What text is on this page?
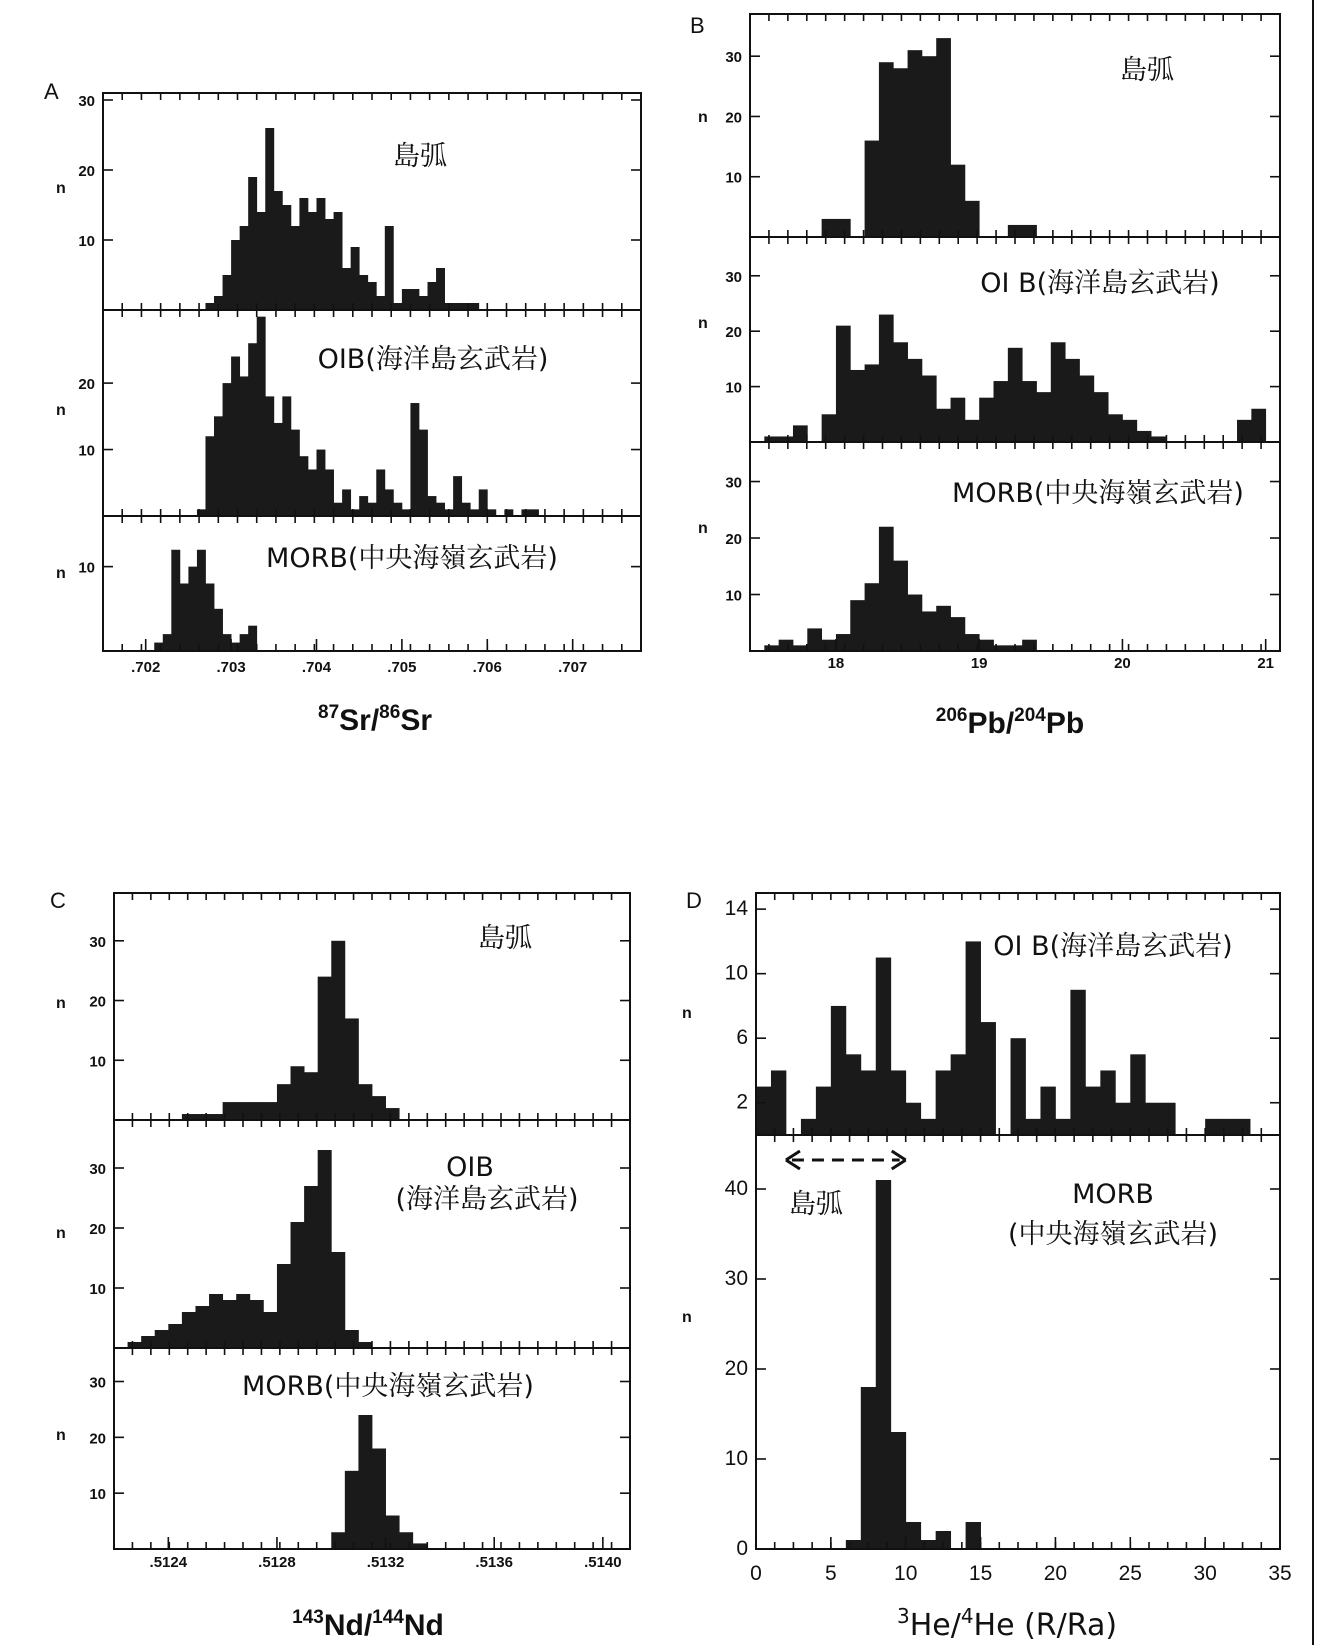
A
10
20
30
n
島弧
10
20
n
OIB(海洋島玄武岩)
10
n	MORB(中央海嶺玄武岩)
.702	.703	.704	.705	.706	.707
$^{87}$Sr/$^{86}$Sr
B
10
20
30
n
島弧
10
20
30
n
OI B(海洋島玄武岩)
10
20
30
n
MORB(中央海嶺玄武岩)
18	19	20	21
$^{206}$Pb/$^{204}$Pb
C
10
20
30
n
島弧
10
20
30
n
OIB
(海洋島玄武岩)
10
20
30
n
MORB(中央海嶺玄武岩)
.5124	.5128	.5132	.5136	.5140
$^{143}$Nd/$^{144}$Nd
D
2
6
10
14
n
OI B(海洋島玄武岩)
0
10
20
30
40
n
MORB
(中央海嶺玄武岩)
島弧
0	5	10 15 20 25 30 35
$^3$He/$^4$He (R/Ra)
